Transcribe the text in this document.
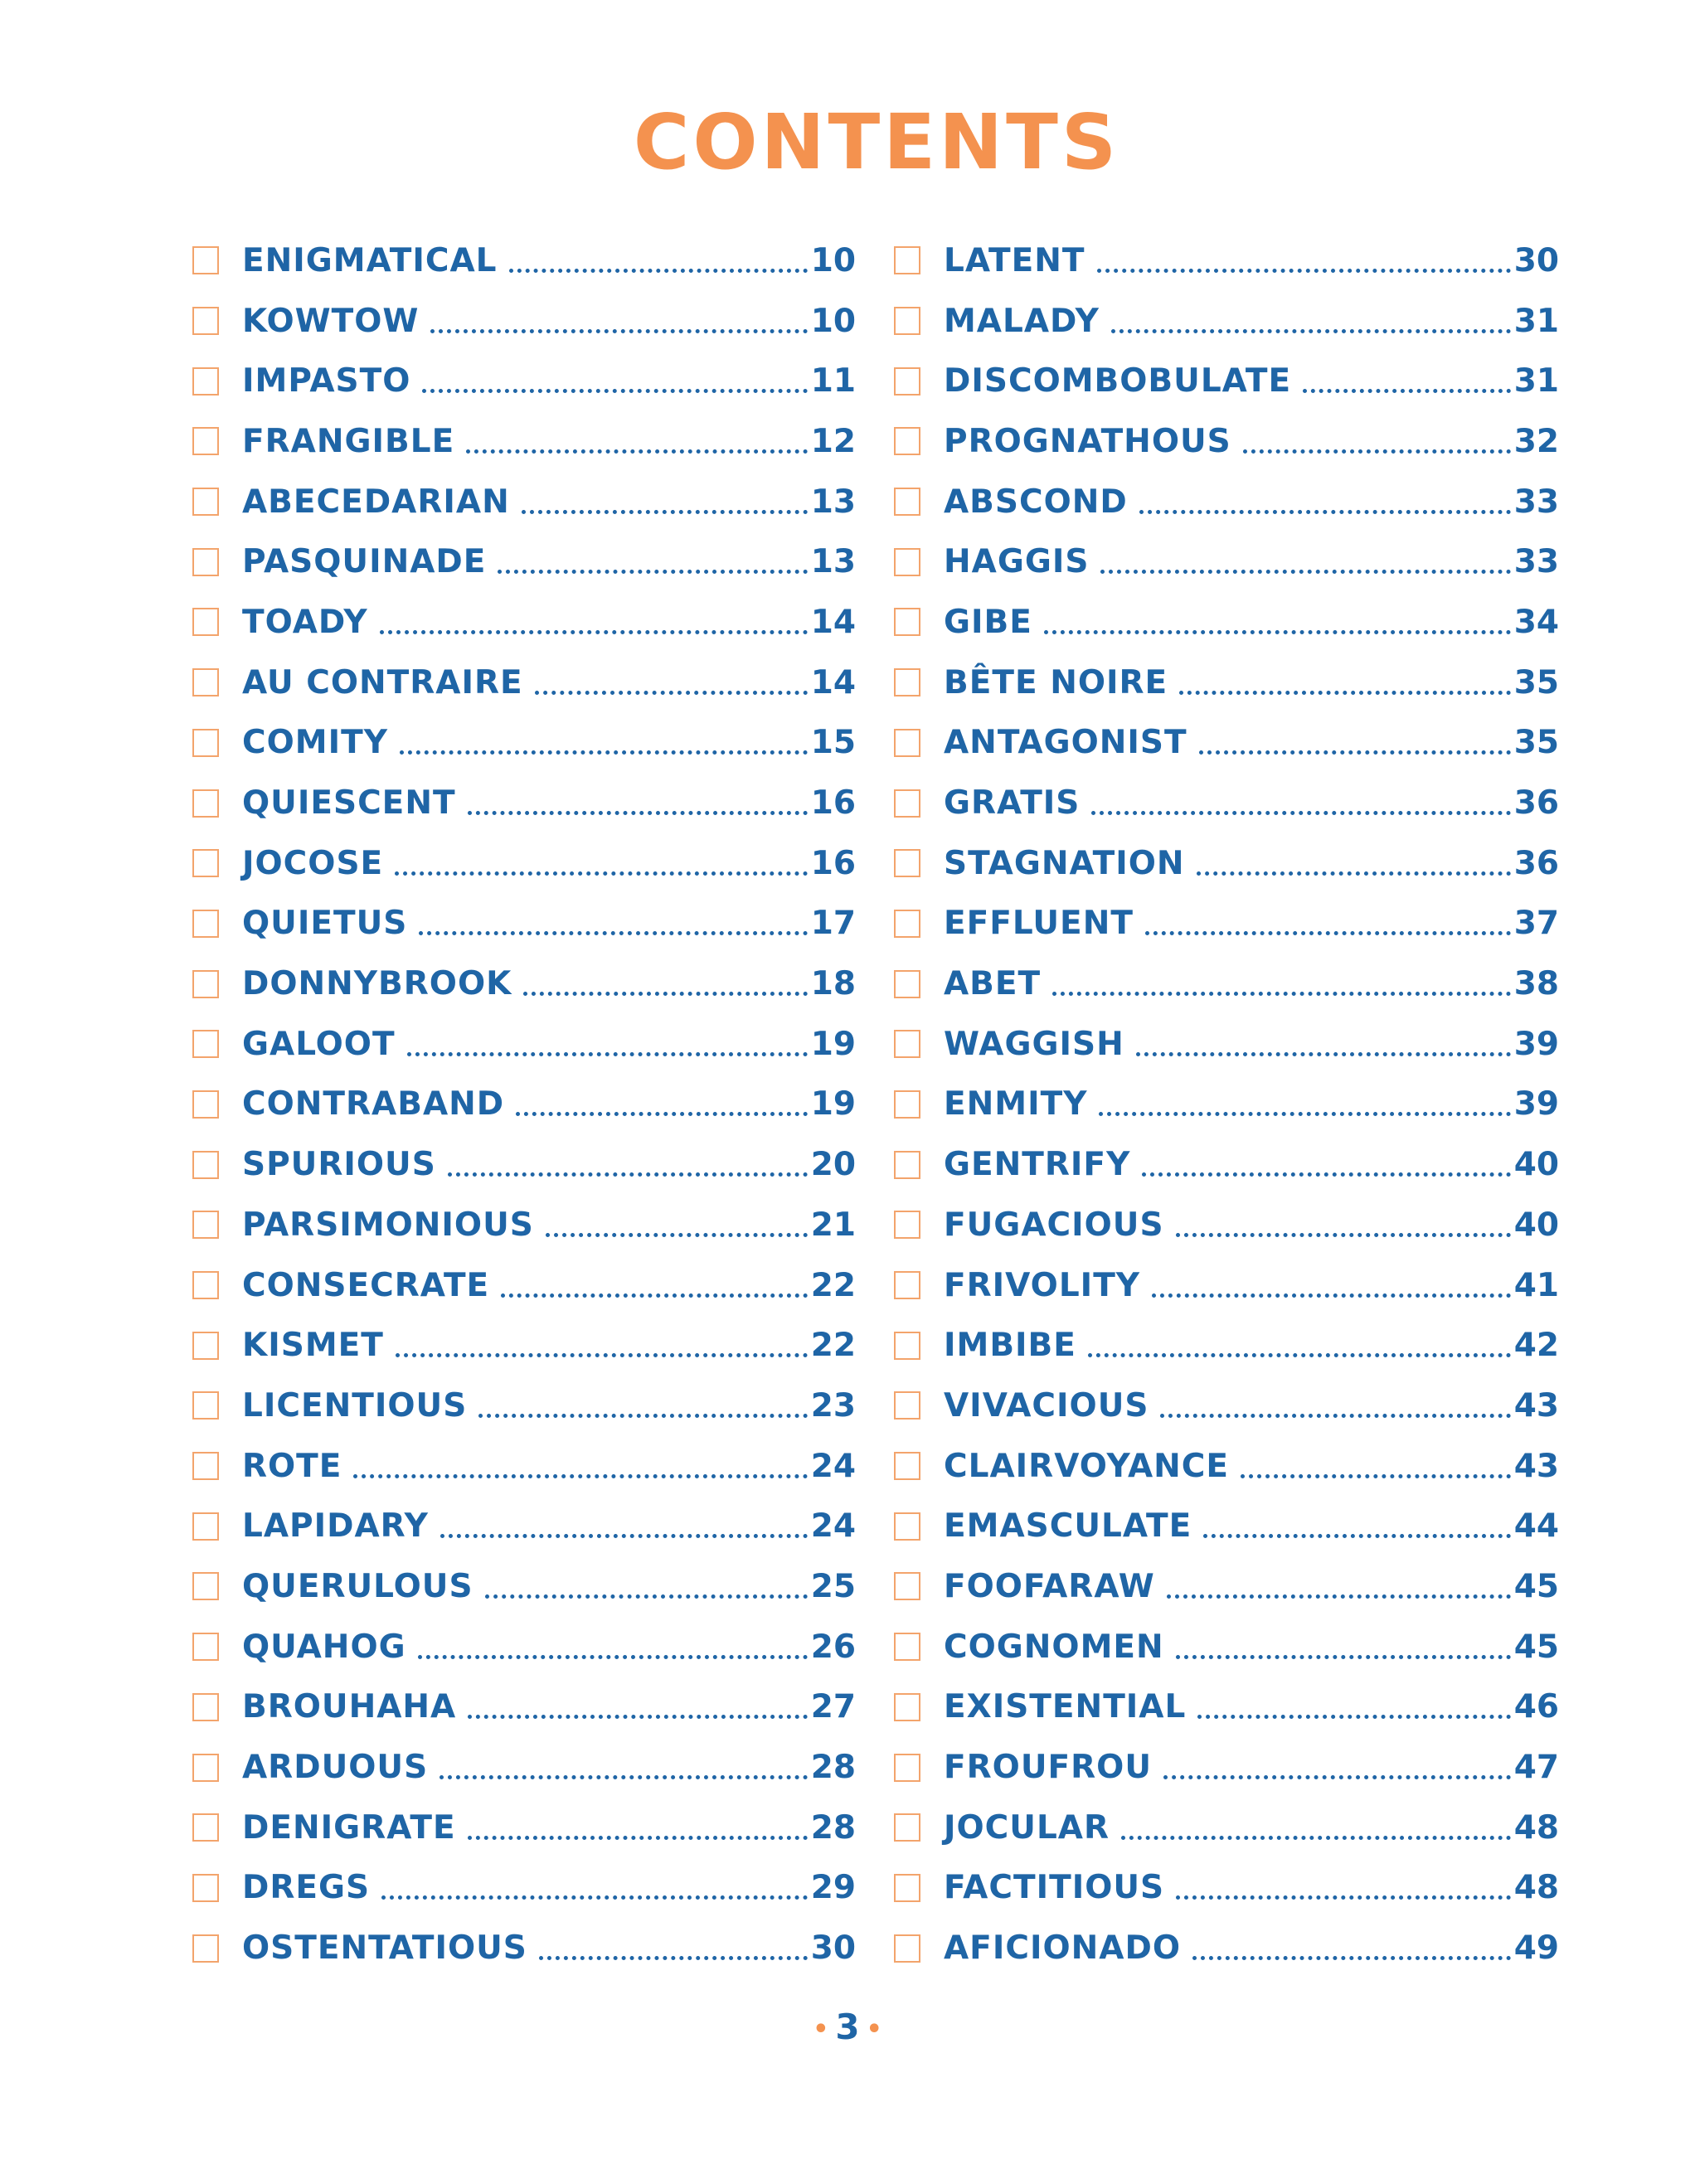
CONTENTS
ENIGMATICAL	10
KOWTOW	10
IMPASTO	11
FRANGIBLE	12
ABECEDARIAN	13
PASQUINADE	13
TOADY	14
AU CONTRAIRE	14
COMITY	15
QUIESCENT	16
JOCOSE	16
QUIETUS	17
DONNYBROOK	18
GALOOT	19
CONTRABAND	19
SPURIOUS	20
PARSIMONIOUS	21
CONSECRATE	22
KISMET	22
LICENTIOUS	23
ROTE	24
LAPIDARY	24
QUERULOUS	25
QUAHOG	26
BROUHAHA	27
ARDUOUS	28
DENIGRATE	28
DREGS	29
OSTENTATIOUS	30
LATENT	30
MALADY	31
DISCOMBOBULATE	31
PROGNATHOUS	32
ABSCOND	33
HAGGIS	33
GIBE	34
BÊTE NOIRE	35
ANTAGONIST	35
GRATIS	36
STAGNATION	36
EFFLUENT	37
ABET	38
WAGGISH	39
ENMITY	39
GENTRIFY	40
FUGACIOUS	40
FRIVOLITY	41
IMBIBE	42
VIVACIOUS	43
CLAIRVOYANCE	43
EMASCULATE	44
FOOFARAW	45
COGNOMEN	45
EXISTENTIAL	46
FROUFROU	47
JOCULAR	48
FACTITIOUS	48
AFICIONADO	49
• 3 •
